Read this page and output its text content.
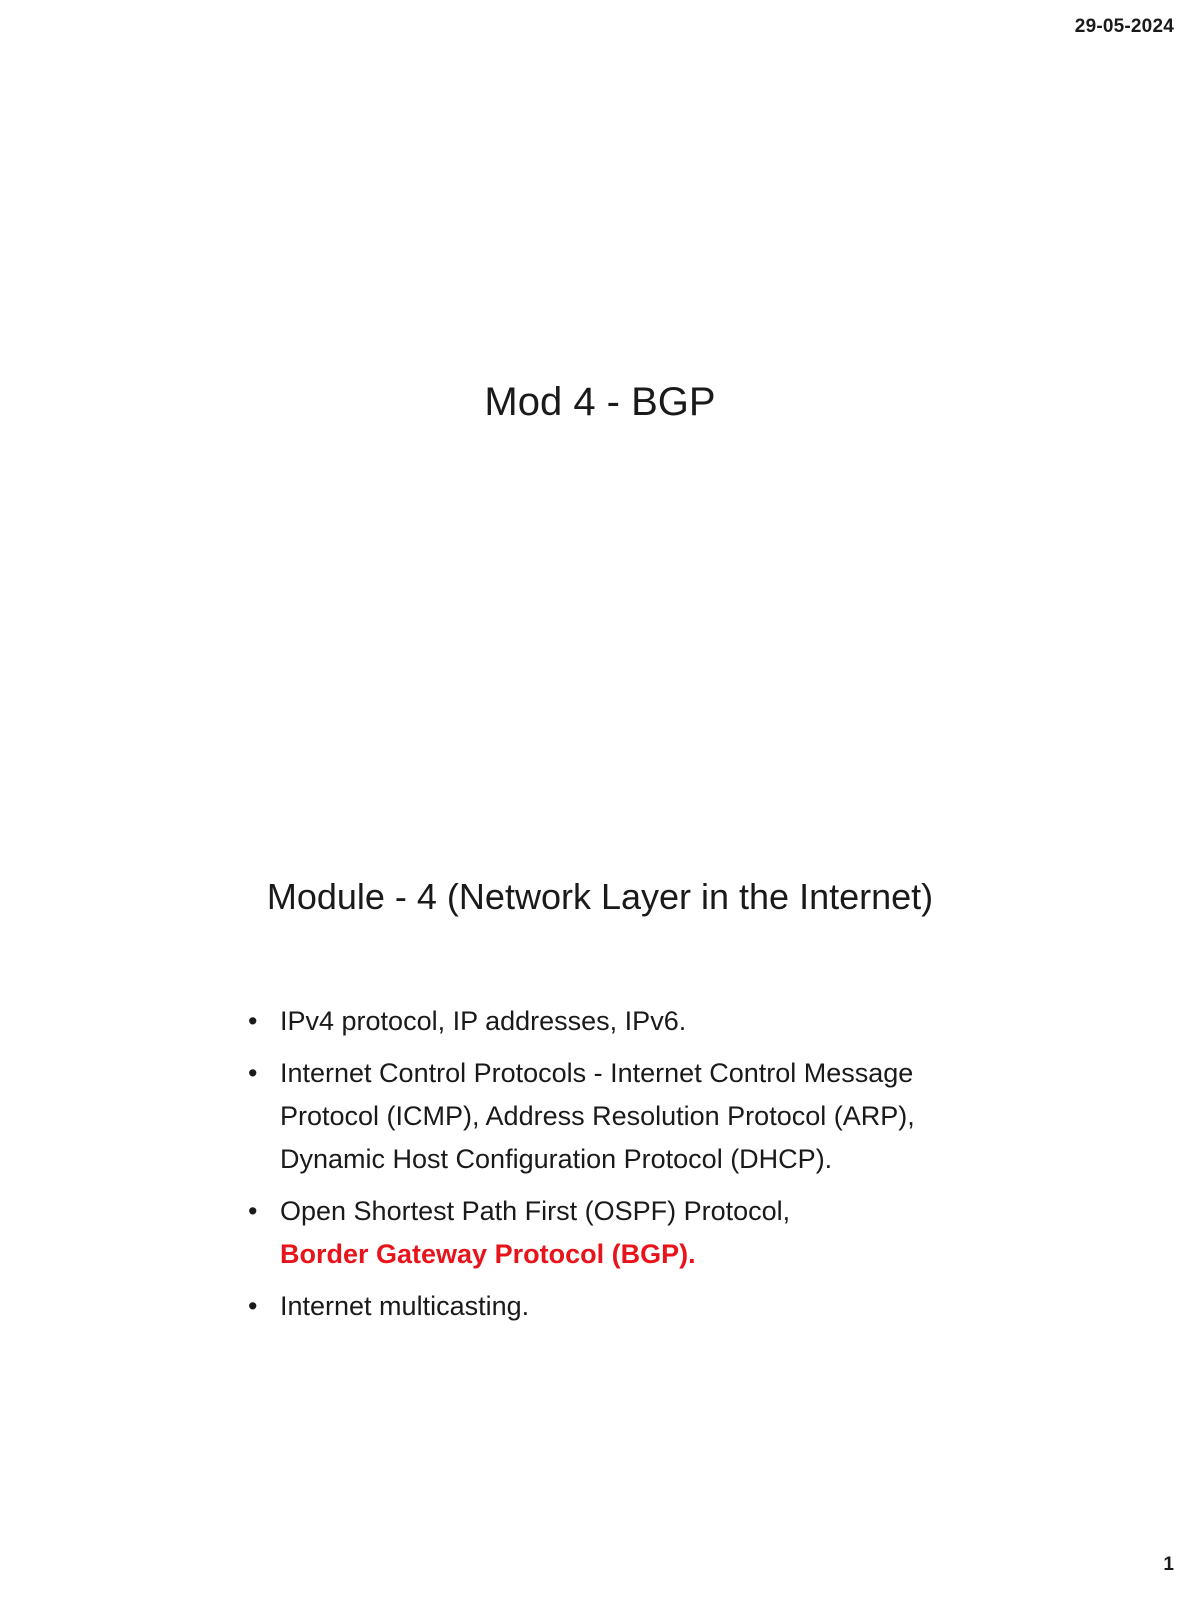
29-05-2024
Mod 4 - BGP
Module - 4 (Network Layer in the Internet)
• IPv4 protocol, IP addresses, IPv6.
• Internet Control Protocols - Internet Control Message Protocol (ICMP), Address Resolution Protocol (ARP), Dynamic Host Configuration Protocol (DHCP).
• Open Shortest Path First (OSPF) Protocol,
Border Gateway Protocol (BGP).
• Internet multicasting.
1
